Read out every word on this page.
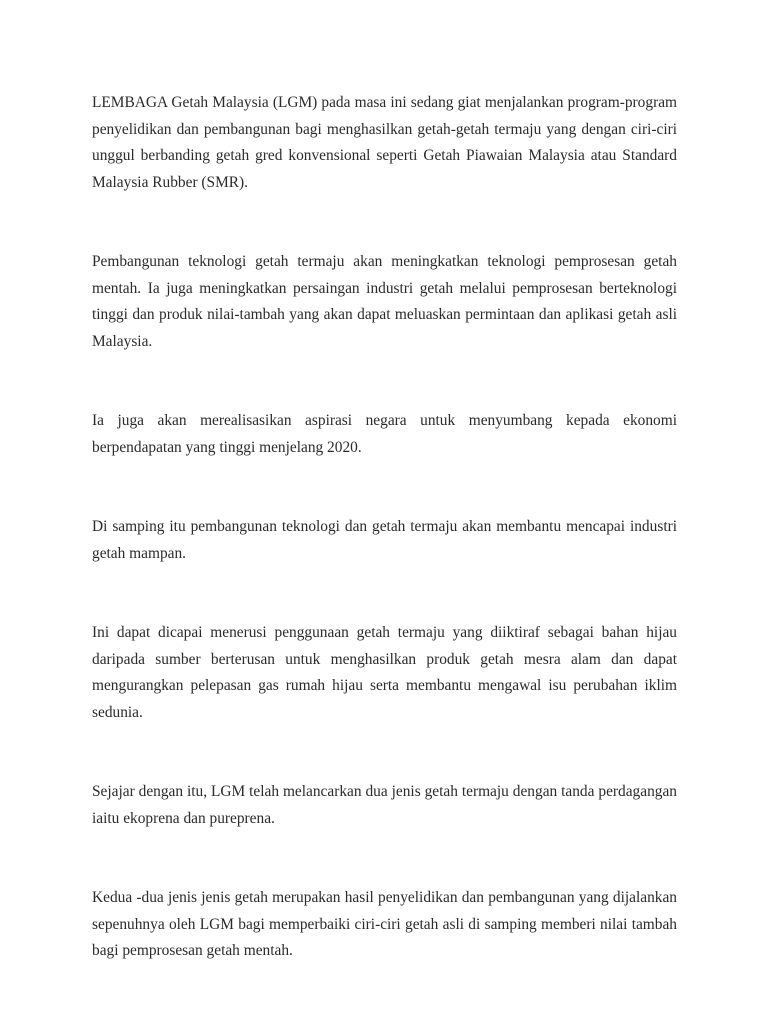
LEMBAGA Getah Malaysia (LGM) pada masa ini sedang giat menjalankan program-program penyelidikan dan pembangunan bagi menghasilkan getah-getah termaju yang dengan ciri-ciri unggul berbanding getah gred konvensional seperti Getah Piawaian Malaysia atau Standard Malaysia Rubber (SMR).

Pembangunan teknologi getah termaju akan meningkatkan teknologi pemprosesan getah mentah. Ia juga meningkatkan persaingan industri getah melalui pemprosesan berteknologi tinggi dan produk nilai-tambah yang akan dapat meluaskan permintaan dan aplikasi getah asli Malaysia.

Ia juga akan merealisasikan aspirasi negara untuk menyumbang kepada ekonomi berpendapatan yang tinggi menjelang 2020.

Di samping itu pembangunan teknologi dan getah termaju akan membantu mencapai industri getah mampan.

Ini dapat dicapai menerusi penggunaan getah termaju yang diiktiraf sebagai bahan hijau daripada sumber berterusan untuk menghasilkan produk getah mesra alam dan dapat mengurangkan pelepasan gas rumah hijau serta membantu mengawal isu perubahan iklim sedunia.

Sejajar dengan itu, LGM telah melancarkan dua jenis getah termaju dengan tanda perdagangan iaitu ekoprena dan pureprena.

Kedua -dua jenis jenis getah merupakan hasil penyelidikan dan pembangunan yang dijalankan sepenuhnya oleh LGM bagi memperbaiki ciri-ciri getah asli di samping memberi nilai tambah bagi pemprosesan getah mentah.
